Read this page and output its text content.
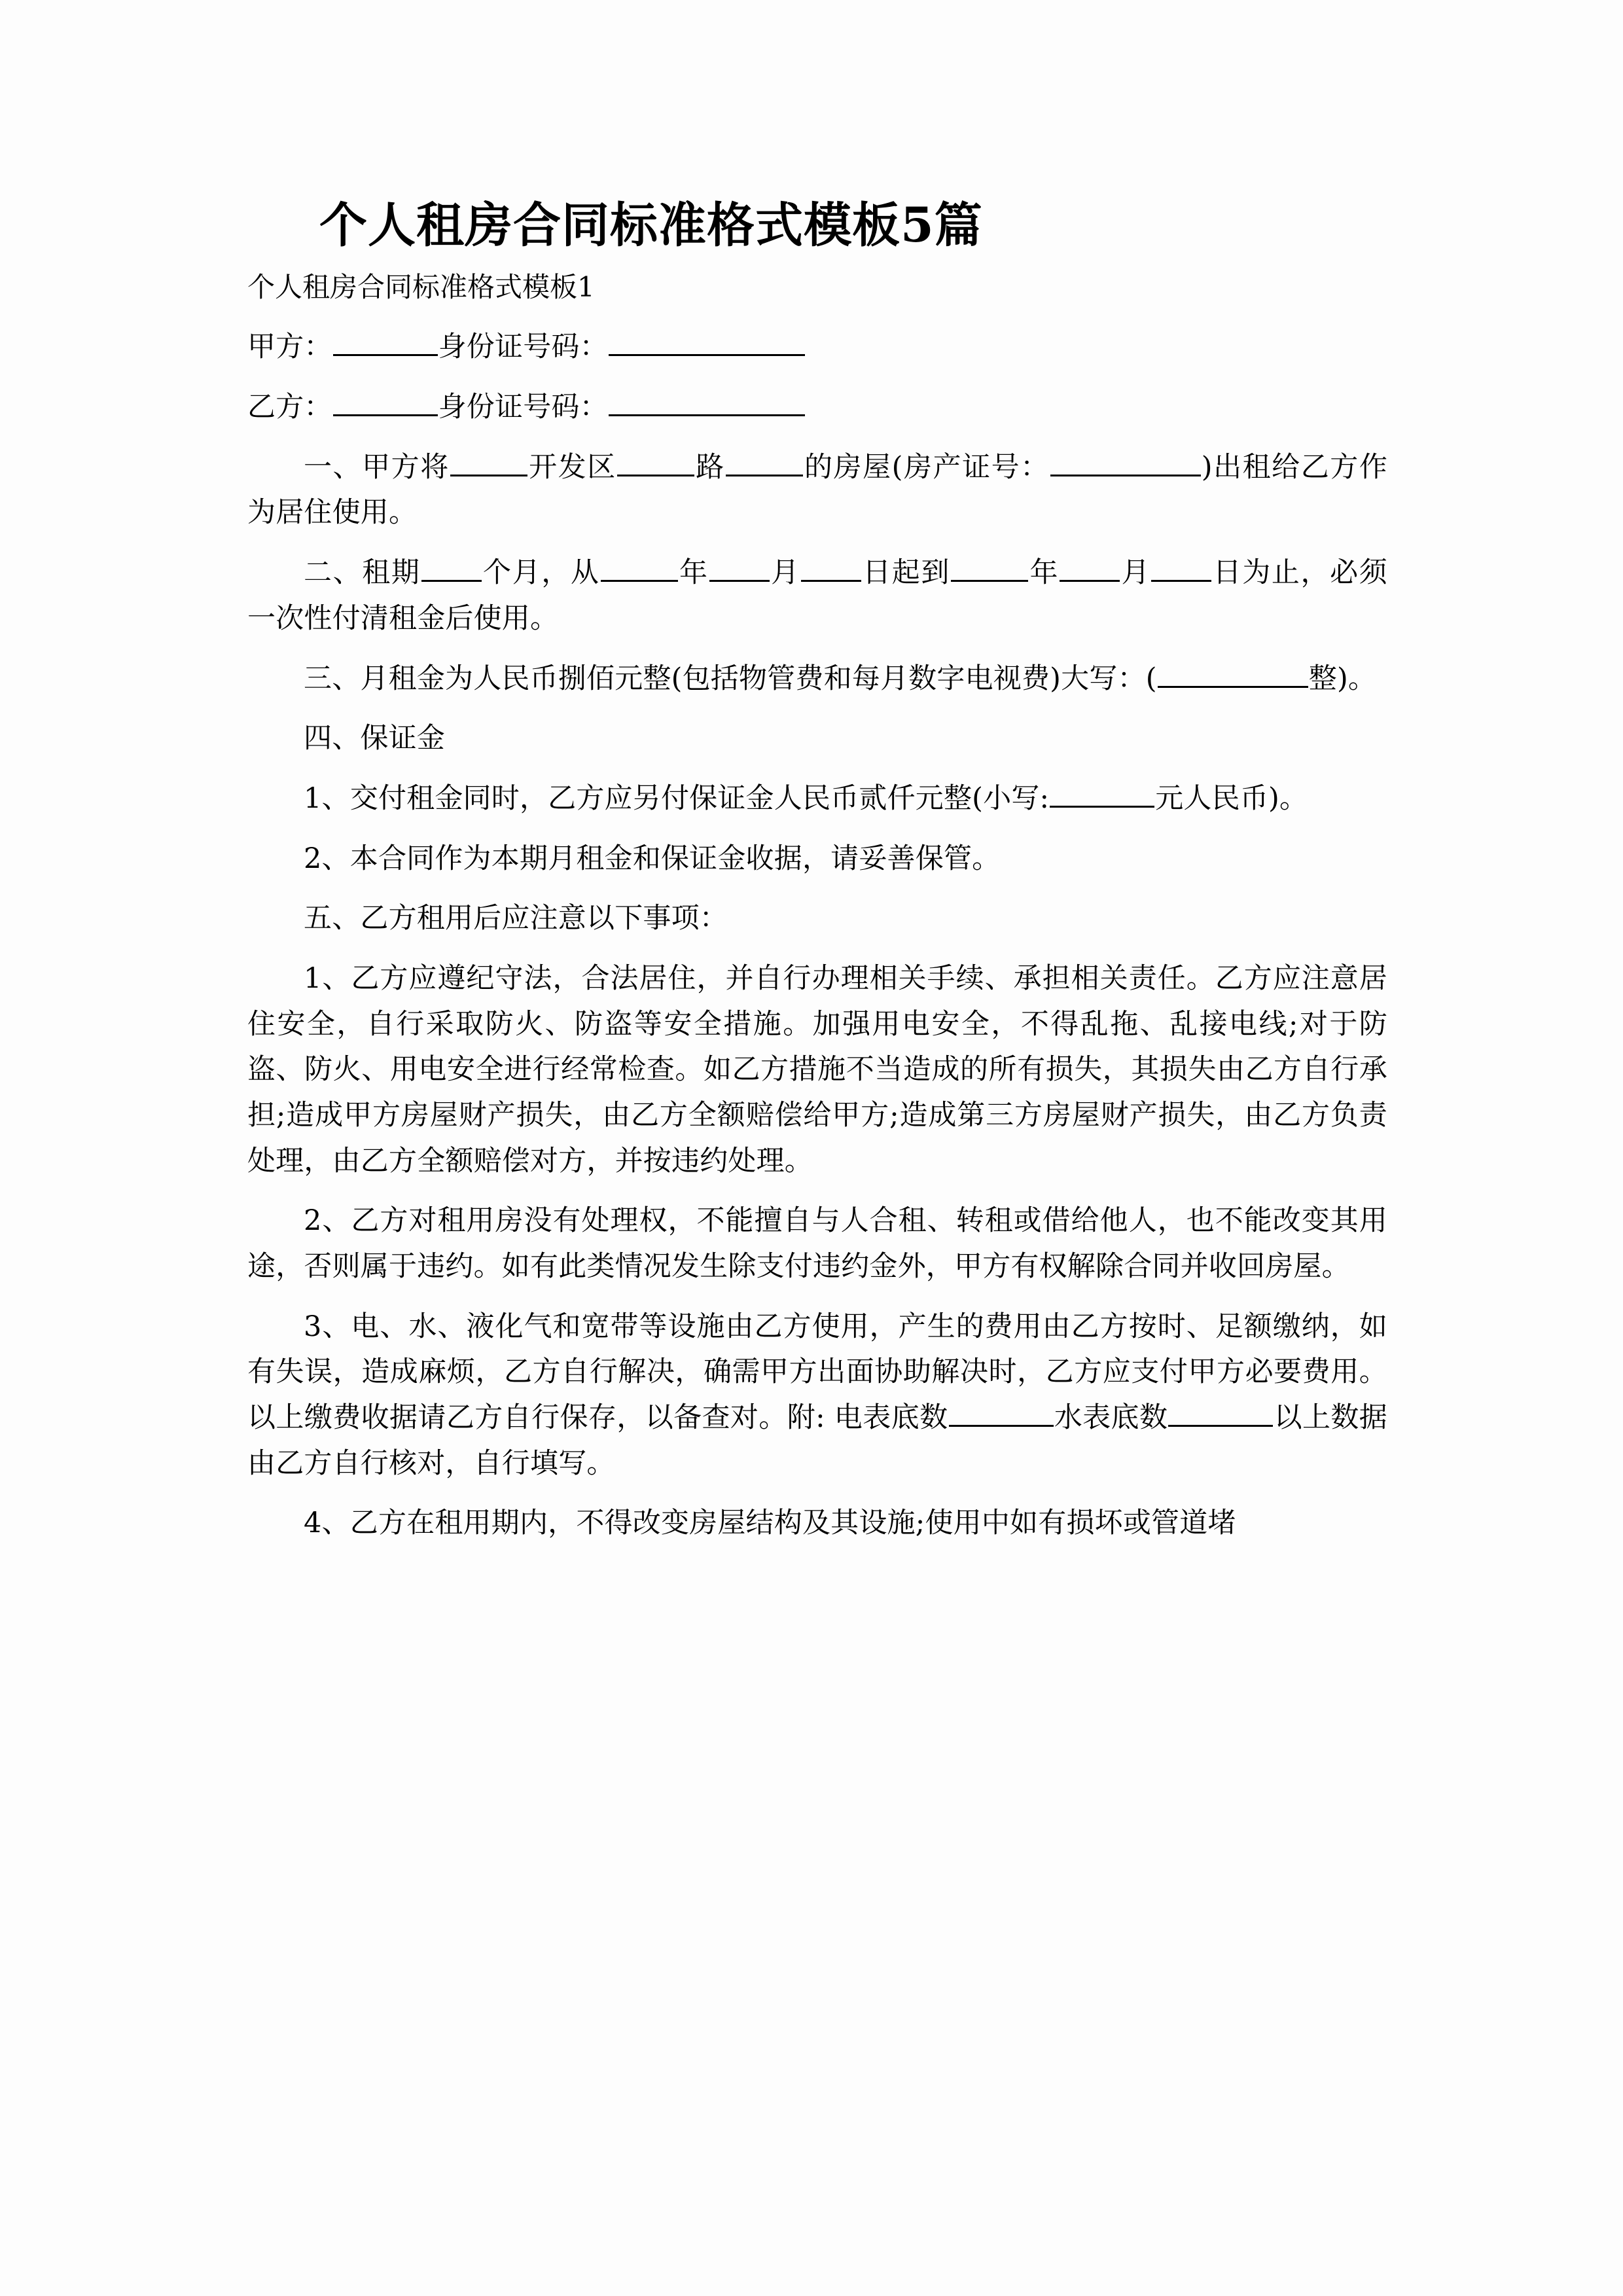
个人租房合同标准格式模板5篇

个人租房合同标准格式模板1

甲方：	身份证号码：

乙方：	身份证号码：

一、甲方将	开发区	路	的房屋(房产证号：	)出租给乙方作为居住使用。

二、租期 个月，从	年 月 日起到	年 月 日为止，必须一次性付清租金后使用。

三、月租金为人民币捌佰元整(包括物管费和每月数字电视费)大写：(	整)。

四、保证金

1、交付租金同时，乙方应另付保证金人民币贰仟元整(小写:	元人民币)。

2、本合同作为本期月租金和保证金收据，请妥善保管。

五、乙方租用后应注意以下事项：

1、乙方应遵纪守法，合法居住，并自行办理相关手续、承担相关责任。乙方应注意居住安全，自行采取防火、防盗等安全措施。加强用电安全，不得乱拖、乱接电线;对于防盗、防火、用电安全进行经常检查。如乙方措施不当造成的所有损失，其损失由乙方自行承担;造成甲方房屋财产损失，由乙方全额赔偿给甲方;造成第三方房屋财产损失，由乙方负责处理，由乙方全额赔偿对方，并按违约处理。

2、乙方对租用房没有处理权，不能擅自与人合租、转租或借给他人，也不能改变其用途，否则属于违约。如有此类情况发生除支付违约金外，甲方有权解除合同并收回房屋。

3、电、水、液化气和宽带等设施由乙方使用，产生的费用由乙方按时、足额缴纳，如有失误，造成麻烦，乙方自行解决，确需甲方出面协助解决时，乙方应支付甲方必要费用。以上缴费收据请乙方自行保存，以备查对。附: 电表底数	水表底数	以上数据由乙方自行核对，自行填写。

4、乙方在租用期内，不得改变房屋结构及其设施;使用中如有损坏或管道堵
